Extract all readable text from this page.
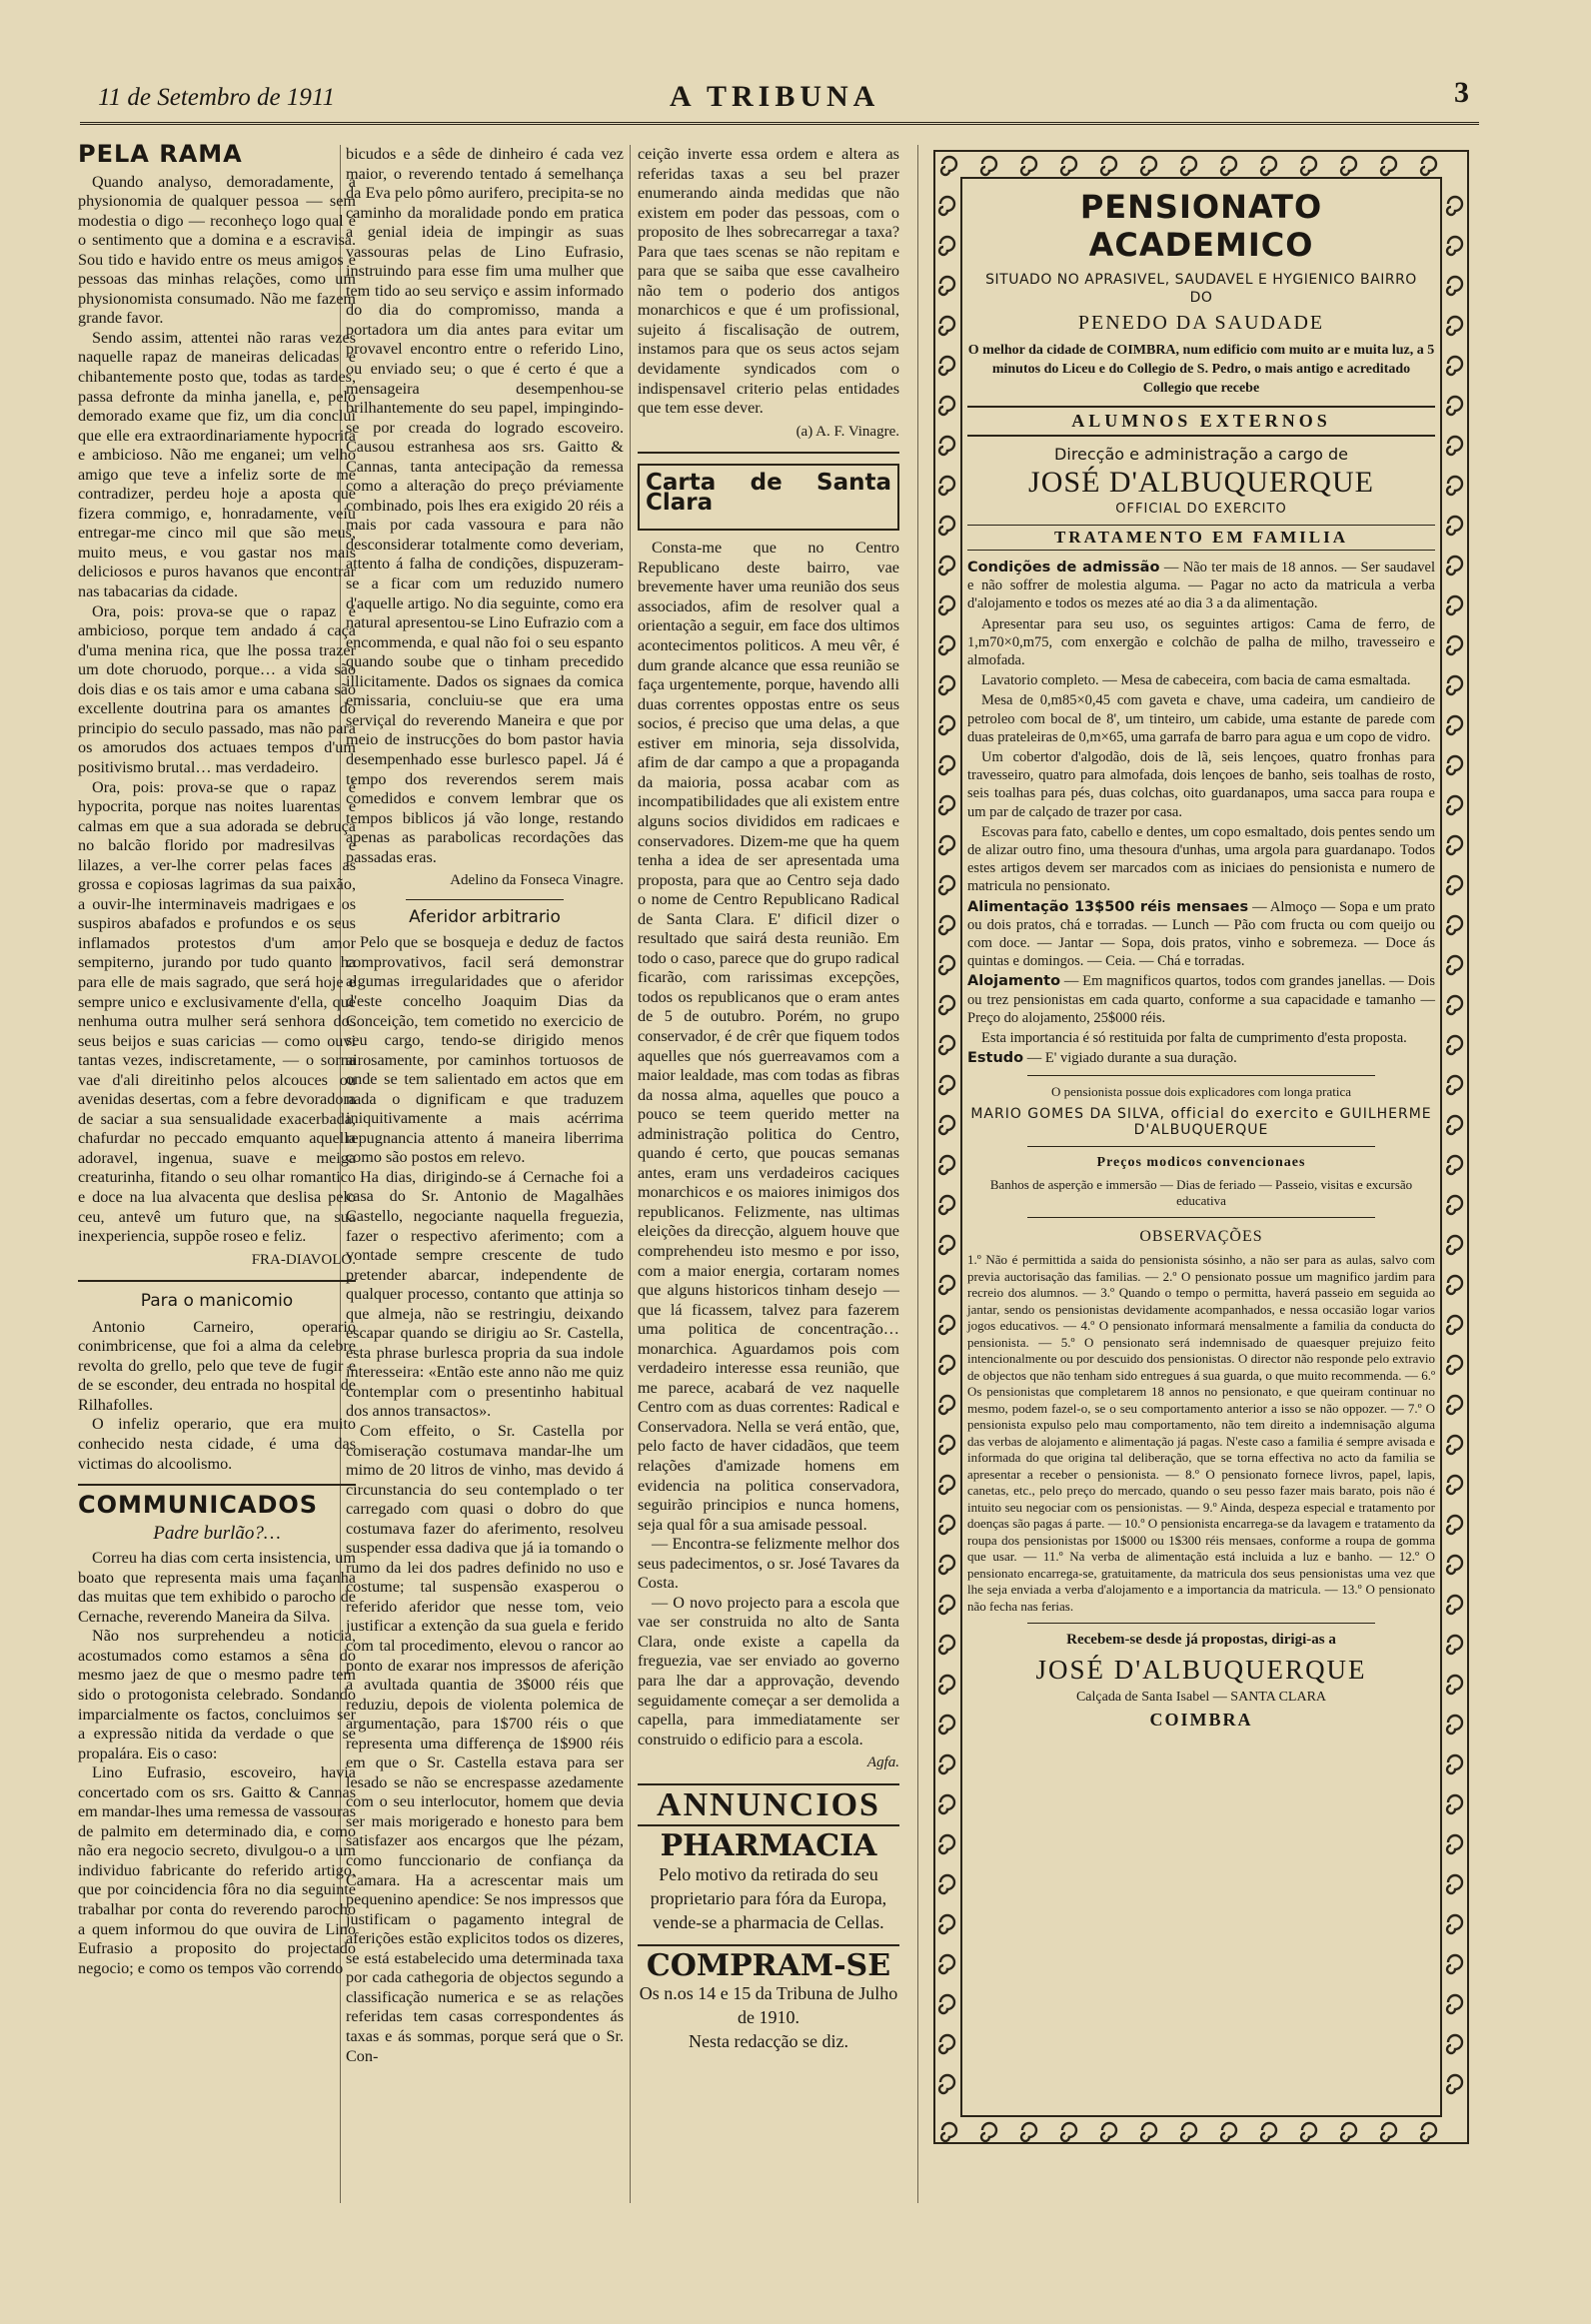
11 de Setembro de 1911	A TRIBUNA	3
PELA RAMA

Quando analyso, demoradamente, a physionomia de qualquer pessoa — sem modestia o digo — reconheço logo qual é o sentimento que a domina e a escravisa. Sou tido e havido entre os meus amigos e pessoas das minhas relações, como um physionomista consumado. Não me fazem grande favor.

Sendo assim, attentei não raras vezes naquelle rapaz de maneiras delicadas e chibantemente posto que, todas as tardes, passa defronte da minha janella, e, pelo demorado exame que fiz, um dia conclui que elle era extraordinariamente hypocrita e ambicioso. Não me enganei; um velho amigo que teve a infeliz sorte de me contradizer, perdeu hoje a aposta que fizera commigo, e, honradamente, veiu entregar-me cinco mil que são meus, muito meus, e vou gastar nos mais deliciosos e puros havanos que encontrar nas tabacarias da cidade.

Ora, pois: prova-se que o rapaz é ambicioso, porque tem andado á caça d'uma menina rica, que lhe possa trazer um dote choruodo, porque… a vida são dois dias e os tais amor e uma cabana são excellente doutrina para os amantes do principio do seculo passado, mas não para os amorudos dos actuaes tempos d'um positivismo brutal… mas verdadeiro.

Ora, pois: prova-se que o rapaz é hypocrita, porque nas noites luarentas e calmas em que a sua adorada se debruça no balcão florido por madresilvas e lilazes, a ver-lhe correr pelas faces as grossa e copiosas lagrimas da sua paixão, a ouvir-lhe interminaveis madrigaes e os suspiros abafados e profundos e os seus inflamados protestos d'um amor sempiterno, jurando por tudo quanto ha para elle de mais sagrado, que será hoje e sempre unico e exclusivamente d'ella, que nenhuma outra mulher será senhora dos seus beijos e suas caricias — como ouvi tantas vezes, indiscretamente, — o sorna vae d'ali direitinho pelos alcouces ou avenidas desertas, com a febre devoradora de saciar a sua sensualidade exacerbada, chafurdar no peccado emquanto aquella adoravel, ingenua, suave e meiga creaturinha, fitando o seu olhar romantico e doce na lua alvacenta que deslisa pelo ceu, antevê um futuro que, na sua inexperiencia, suppõe roseo e feliz.

FRA-DIAVOLO.
Para o manicomio

Antonio Carneiro, operario conimbricense, que foi a alma da celebre revolta do grello, pelo que teve de fugir e de se esconder, deu entrada no hospital de Rilhafolles.

O infeliz operario, que era muito conhecido nesta cidade, é uma das victimas do alcoolismo.

COMMUNICADOS
Padre burlão?…

Correu ha dias com certa insistencia, um boato que representa mais uma façanha das muitas que tem exhibido o parocho de Cernache, reverendo Maneira da Silva.

Não nos surprehendeu a noticia, acostumados como estamos a sêna do mesmo jaez de que o mesmo padre tem sido o protogonista celebrado. Sondando imparcialmente os factos, concluimos ser a expressão nitida da verdade o que se propalára. Eis o caso:

Lino Eufrasio, escoveiro, havia concertado com os srs. Gaitto & Cannas em mandar-lhes uma remessa de vassouras de palmito em determinado dia, e como não era negocio secreto, divulgou-o a um individuo fabricante do referido artigo, que por coincidencia fôra no dia seguinte trabalhar por conta do reverendo parocho a quem informou do que ouvira de Lino Eufrasio a proposito do projectado negocio; e como os tempos vão correndo

bicudos e a sêde de dinheiro é cada vez maior, o reverendo tentado á semelhança da Eva pelo pômo aurifero, precipita-se no caminho da moralidade pondo em pratica a genial ideia de impingir as suas vassouras pelas de Lino Eufrasio, instruindo para esse fim uma mulher que tem tido ao seu serviço e assim informado do dia do compromisso, manda a portadora um dia antes para evitar um provavel encontro entre o referido Lino, ou enviado seu; o que é certo é que a mensageira desempenhou-se brilhantemente do seu papel, impingindo-se por creada do logrado escoveiro. Causou estranhesa aos srs. Gaitto & Cannas, tanta antecipação da remessa como a alteração do preço préviamente combinado, pois lhes era exigido 20 réis a mais por cada vassoura e para não desconsiderar totalmente como deveriam, attento á falha de condições, dispuzeram-se a ficar com um reduzido numero d'aquelle artigo. No dia seguinte, como era natural apresentou-se Lino Eufrazio com a encommenda, e qual não foi o seu espanto quando soube que o tinham precedido illicitamente. Dados os signaes da comica emissaria, concluiu-se que era uma serviçal do reverendo Maneira e que por meio de instrucções do bom pastor havia desempenhado esse burlesco papel. Já é tempo dos reverendos serem mais comedidos e convem lembrar que os tempos biblicos já vão longe, restando apenas as parabolicas recordações das passadas eras.

Adelino da Fonseca Vinagre.
Aferidor arbitrario

Pelo que se bosqueja e deduz de factos comprovativos, facil será demonstrar algumas irregularidades que o aferidor d'este concelho Joaquim Dias da Conceição, tem cometido no exercicio de seu cargo, tendo-se dirigido menos airosamente, por caminhos tortuosos de onde se tem salientado em actos que em nada o dignificam e que traduzem iniquitivamente a mais acérrima repugnancia attento á maneira liberrima como são postos em relevo.

Ha dias, dirigindo-se á Cernache foi a casa do Sr. Antonio de Magalhães Castello, negociante naquella freguezia, fazer o respectivo aferimento; com a vontade sempre crescente de tudo pretender abarcar, independente de qualquer processo, contanto que attinja so que almeja, não se restringiu, deixando escapar quando se dirigiu ao Sr. Castella, esta phrase burlesca propria da sua indole interesseira: «Então este anno não me quiz contemplar com o presentinho habitual dos annos transactos».

Com effeito, o Sr. Castella por comiseração costumava mandar-lhe um mimo de 20 litros de vinho, mas devido á circunstancia do seu contemplado o ter carregado com quasi o dobro do que costumava fazer do aferimento, resolveu suspender essa dadiva que já ia tomando o rumo da lei dos padres definido no uso e costume; tal suspensão exasperou o referido aferidor que nesse tom, veio justificar a extenção da sua guela e ferido com tal procedimento, elevou o rancor ao ponto de exarar nos impressos de aferição a avultada quantia de 3$000 réis que reduziu, depois de violenta polemica de argumentação, para 1$700 réis o que representa uma differença de 1$900 réis em que o Sr. Castella estava para ser lesado se não se encrespasse azedamente com o seu interlocutor, homem que devia ser mais morigerado e honesto para bem satisfazer aos encargos que lhe pézam, como funccionario de confiança da Camara. Ha a acrescentar mais um pequenino apendice: Se nos impressos que justificam o pagamento integral de aferições estão explicitos todos os dizeres, se está estabelecido uma determinada taxa por cada cathegoria de objectos segundo a classificação numerica e se as relações referidas tem casas correspondentes ás taxas e ás sommas, porque será que o Sr. Con-

ceição inverte essa ordem e altera as referidas taxas a seu bel prazer enumerando ainda medidas que não existem em poder das pessoas, com o proposito de lhes sobrecarregar a taxa? Para que taes scenas se não repitam e para que se saiba que esse cavalheiro não tem o poderio dos antigos monarchicos e que é um profissional, sujeito á fiscalisação de outrem, instamos para que os seus actos sejam devidamente syndicados com o indispensavel criterio pelas entidades que tem esse dever.

(a) A. F. Vinagre.
Carta de Santa Clara

Consta-me que no Centro Republicano deste bairro, vae brevemente haver uma reunião dos seus associados, afim de resolver qual a orientação a seguir, em face dos ultimos acontecimentos politicos. A meu vêr, é dum grande alcance que essa reunião se faça urgentemente, porque, havendo alli duas correntes oppostas entre os seus socios, é preciso que uma delas, a que estiver em minoria, seja dissolvida, afim de dar campo a que a propaganda da maioria, possa acabar com as incompatibilidades que ali existem entre alguns socios divididos em radicaes e conservadores. Dizem-me que ha quem tenha a idea de ser apresentada uma proposta, para que ao Centro seja dado o nome de Centro Republicano Radical de Santa Clara. E' dificil dizer o resultado que sairá desta reunião. Em todo o caso, parece que do grupo radical ficarão, com rarissimas excepções, todos os republicanos que o eram antes de 5 de outubro. Porém, no grupo conservador, é de crêr que fiquem todos aquelles que nós guerreavamos com a maior lealdade, mas com todas as fibras da nossa alma, aquelles que pouco a pouco se teem querido metter na administração politica do Centro, quando é certo, que poucas semanas antes, eram uns verdadeiros caciques monarchicos e os maiores inimigos dos republicanos. Felizmente, nas ultimas eleições da direcção, alguem houve que comprehendeu isto mesmo e por isso, com a maior energia, cortaram nomes que alguns historicos tinham desejo — que lá ficassem, talvez para fazerem uma politica de concentração… monarchica. Aguardamos pois com verdadeiro interesse essa reunião, que me parece, acabará de vez naquelle Centro com as duas correntes: Radical e Conservadora. Nella se verá então, que, pelo facto de haver cidadãos, que teem relações d'amizade homens em evidencia na politica conservadora, seguirão principios e nunca homens, seja qual fôr a sua amisade pessoal.

— Encontra-se felizmente melhor dos seus padecimentos, o sr. José Tavares da Costa.

— O novo projecto para a escola que vae ser construida no alto de Santa Clara, onde existe a capella da freguezia, vae ser enviado ao governo para lhe dar a approvação, devendo seguidamente começar a ser demolida a capella, para immediatamente ser construido o edificio para a escola.

Agfa.
ANNUNCIOS
PHARMACIA
Pelo motivo da retirada do seu proprietario para fóra da Europa, vende-se a pharmacia de Cellas.
COMPRAM-SE
Os n.os 14 e 15 da Tribuna de Julho de 1910.
Nesta redacção se diz.
PENSIONATO ACADEMICO
SITUADO NO APRASIVEL, SAUDAVEL E HYGIENICO BAIRRO
DO
PENEDO DA SAUDADE
O melhor da cidade de COIMBRA, num edificio com muito ar e muita luz, a 5 minutos do Liceu e do Collegio de S. Pedro, o mais antigo e acreditado Collegio que recebe
ALUMNOS EXTERNOS
Direcção e administração a cargo de
JOSÉ D'ALBUQUERQUE
OFFICIAL DO EXERCITO
TRATAMENTO EM FAMILIA

Condições de admissão — Não ter mais de 18 annos. — Ser saudavel e não soffrer de molestia alguma. — Pagar no acto da matricula a verba d'alojamento e todos os mezes até ao dia 3 a da alimentação.

Apresentar para seu uso, os seguintes artigos: Cama de ferro, de 1,m70×0,m75, com enxergão e colchão de palha de milho, travesseiro e almofada.

Lavatorio completo. — Mesa de cabeceira, com bacia de cama esmaltada.

Mesa de 0,m85×0,45 com gaveta e chave, uma cadeira, um candieiro de petroleo com bocal de 8', um tinteiro, um cabide, uma estante de parede com duas prateleiras de 0,m×65, uma garrafa de barro para agua e um copo de vidro.

Um cobertor d'algodão, dois de lã, seis lençoes, quatro fronhas para travesseiro, quatro para almofada, dois lençoes de banho, seis toalhas de rosto, seis toalhas para pés, duas colchas, oito guardanapos, uma sacca para roupa e um par de calçado de trazer por casa.

Escovas para fato, cabello e dentes, um copo esmaltado, dois pentes sendo um de alizar outro fino, uma thesoura d'unhas, uma argola para guardanapo. Todos estes artigos devem ser marcados com as iniciaes do pensionista e numero de matricula no pensionato.

Alimentação 13$500 réis mensaes — Almoço — Sopa e um prato ou dois pratos, chá e torradas. — Lunch — Pão com fructa ou com queijo ou com doce. — Jantar — Sopa, dois pratos, vinho e sobremeza. — Doce ás quintas e domingos. — Ceia. — Chá e torradas.

Alojamento — Em magnificos quartos, todos com grandes janellas. — Dois ou trez pensionistas em cada quarto, conforme a sua capacidade e tamanho — Preço do alojamento, 25$000 réis.

Esta importancia é só restituida por falta de cumprimento d'esta proposta.

Estudo — E' vigiado durante a sua duração.

O pensionista possue dois explicadores com longa pratica
MARIO GOMES DA SILVA, official do exercito e GUILHERME D'ALBUQUERQUE
Preços modicos convencionaes
Banhos de asperção e immersão — Dias de feriado — Passeio, visitas e excursão educativa
OBSERVAÇÕES
1.º Não é permittida a saida do pensionista sósinho, a não ser para as aulas, salvo com previa auctorisação das familias. — 2.º O pensionato possue um magnifico jardim para recreio dos alumnos. — 3.º Quando o tempo o permitta, haverá passeio em seguida ao jantar, sendo os pensionistas devidamente acompanhados, e nessa occasião logar varios jogos educativos. — 4.º O pensionato informará mensalmente a familia da conducta do pensionista. — 5.º O pensionato será indemnisado de quaesquer prejuizo feito intencionalmente ou por descuido dos pensionistas. O director não responde pelo extravio de objectos que não tenham sido entregues á sua guarda, o que muito recommenda. — 6.º Os pensionistas que completarem 18 annos no pensionato, e que queiram continuar no mesmo, podem fazel-o, se o seu comportamento anterior a isso se não oppozer. — 7.º O pensionista expulso pelo mau comportamento, não tem direito a indemnisação alguma das verbas de alojamento e alimentação já pagas. N'este caso a familia é sempre avisada e informada do que origina tal deliberação, que se torna effectiva no acto da familia se apresentar a receber o pensionista. — 8.º O pensionato fornece livros, papel, lapis, canetas, etc., pelo preço do mercado, quando o seu pesso fazer mais barato, pois não é intuito seu negociar com os pensionistas. — 9.º Ainda, despeza especial e tratamento por doenças são pagas á parte. — 10.º O pensionista encarrega-se da lavagem e tratamento da roupa dos pensionistas por 1$000 ou 1$300 réis mensaes, conforme a roupa de gomma que usar. — 11.º Na verba de alimentação está incluida a luz e banho. — 12.º O pensionato encarrega-se, gratuitamente, da matricula dos seus pensionistas uma vez que lhe seja enviada a verba d'alojamento e a importancia da matricula. — 13.º O pensionato não fecha nas ferias.
Recebem-se desde já propostas, dirigi-as a
JOSÉ D'ALBUQUERQUE
Calçada de Santa Isabel — SANTA CLARA
COIMBRA
